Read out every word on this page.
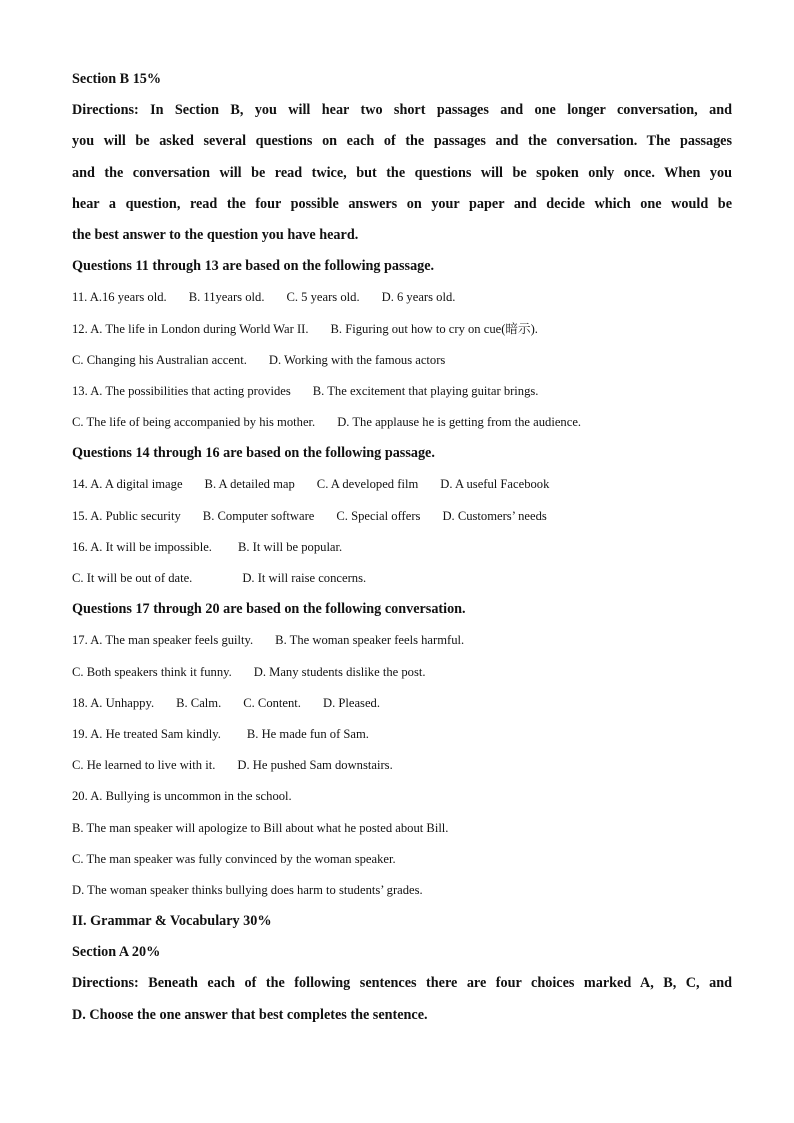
Section B 15%
Directions: In Section B, you will hear two short passages and one longer conversation, and
you will be asked several questions on each of the passages and the conversation. The passages
and the conversation will be read twice, but the questions will be spoken only once. When you
hear a question, read the four possible answers on your paper and decide which one would be
the best answer to the question you have heard.
Questions 11 through 13 are based on the following passage.
11. A.16 years old. B. 11years old. C. 5 years old. D. 6 years old.
12. A. The life in London during World War II. B. Figuring out how to cry on cue(暗示).
C. Changing his Australian accent. D. Working with the famous actors
13. A. The possibilities that acting provides B. The excitement that playing guitar brings.
C. The life of being accompanied by his mother. D. The applause he is getting from the audience.
Questions 14 through 16 are based on the following passage.
14. A. A digital image B. A detailed map C. A developed film D. A useful Facebook
15. A. Public security B. Computer software C. Special offers D. Customers’ needs
16. A. It will be impossible. B. It will be popular.
C. It will be out of date.	D. It will raise concerns.
Questions 17 through 20 are based on the following conversation.
17. A. The man speaker feels guilty. B. The woman speaker feels harmful.
C. Both speakers think it funny. D. Many students dislike the post.
18. A. Unhappy. B. Calm. C. Content. D. Pleased.
19. A. He treated Sam kindly. B. He made fun of Sam.
C. He learned to live with it. D. He pushed Sam downstairs.
20. A. Bullying is uncommon in the school.
B. The man speaker will apologize to Bill about what he posted about Bill.
C. The man speaker was fully convinced by the woman speaker.
D. The woman speaker thinks bullying does harm to students’ grades.
II. Grammar & Vocabulary 30%
Section A 20%
Directions: Beneath each of the following sentences there are four choices marked A, B, C, and
D. Choose the one answer that best completes the sentence.
